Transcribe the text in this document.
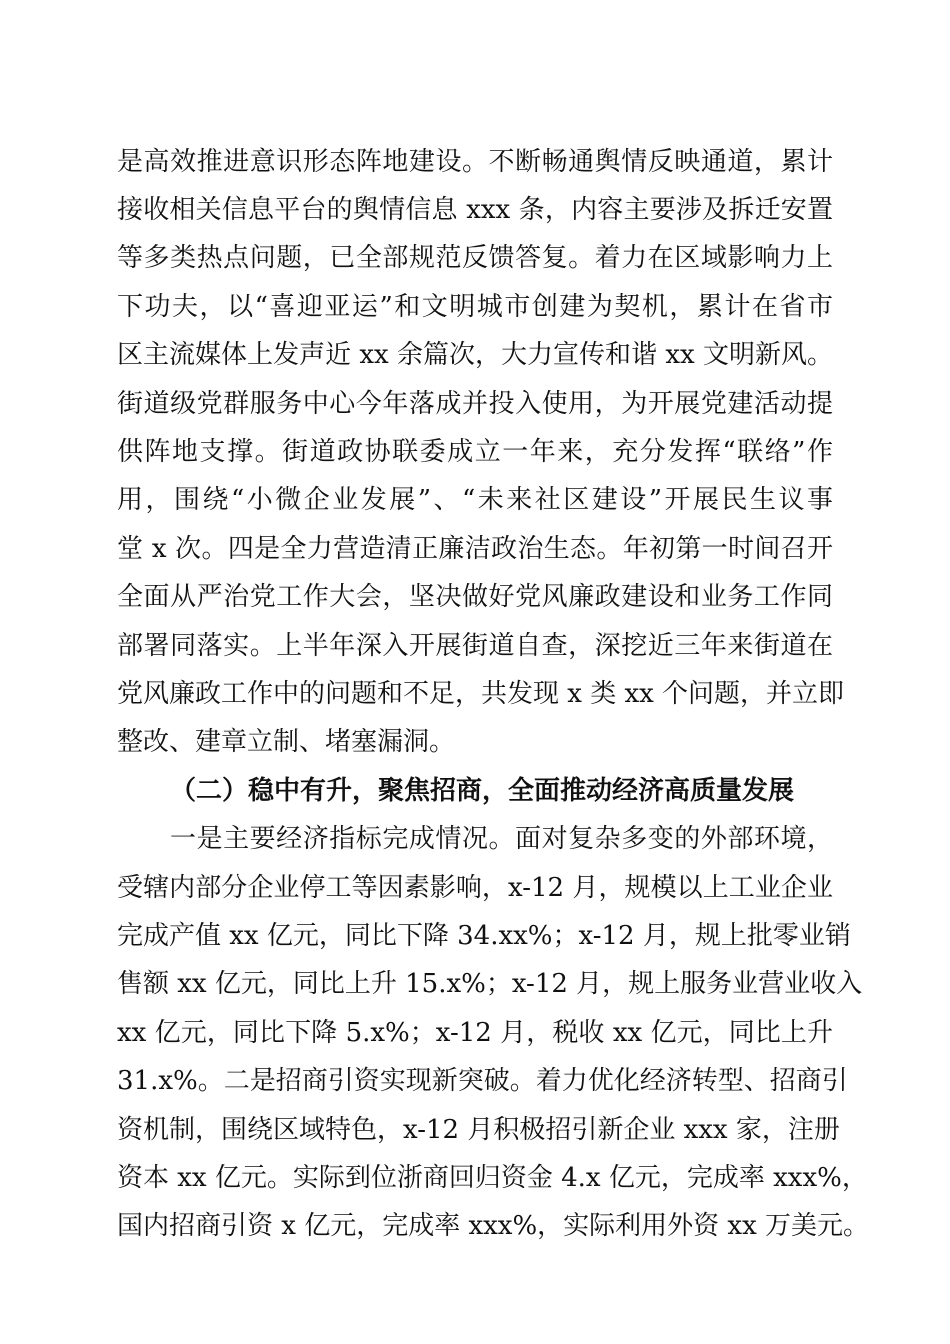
是高效推进意识形态阵地建设。不断畅通舆情反映通道，累计
接收相关信息平台的舆情信息 xxx 条，内容主要涉及拆迁安置
等多类热点问题，已全部规范反馈答复。着力在区域影响力上
下功夫，以“喜迎亚运”和文明城市创建为契机，累计在省市
区主流媒体上发声近 xx 余篇次，大力宣传和谐 xx 文明新风。
街道级党群服务中心今年落成并投入使用，为开展党建活动提
供阵地支撑。街道政协联委成立一年来，充分发挥“联络”作
用，围绕“小微企业发展”、“未来社区建设”开展民生议事
堂 x 次。四是全力营造清正廉洁政治生态。年初第一时间召开
全面从严治党工作大会，坚决做好党风廉政建设和业务工作同
部署同落实。上半年深入开展街道自查，深挖近三年来街道在
党风廉政工作中的问题和不足，共发现 x 类 xx 个问题，并立即
整改、建章立制、堵塞漏洞。
（二）稳中有升，聚焦招商，全面推动经济高质量发展
一是主要经济指标完成情况。面对复杂多变的外部环境，
受辖内部分企业停工等因素影响，x-12 月，规模以上工业企业
完成产值 xx 亿元，同比下降 34.xx%；x-12 月，规上批零业销
售额 xx 亿元，同比上升 15.x%；x-12 月，规上服务业营业收入
xx 亿元，同比下降 5.x%；x-12 月，税收 xx 亿元，同比上升
31.x%。二是招商引资实现新突破。着力优化经济转型、招商引
资机制，围绕区域特色，x-12 月积极招引新企业 xxx 家，注册
资本 xx 亿元。实际到位浙商回归资金 4.x 亿元，完成率 xxx%，
国内招商引资 x 亿元，完成率 xxx%，实际利用外资 xx 万美元。
